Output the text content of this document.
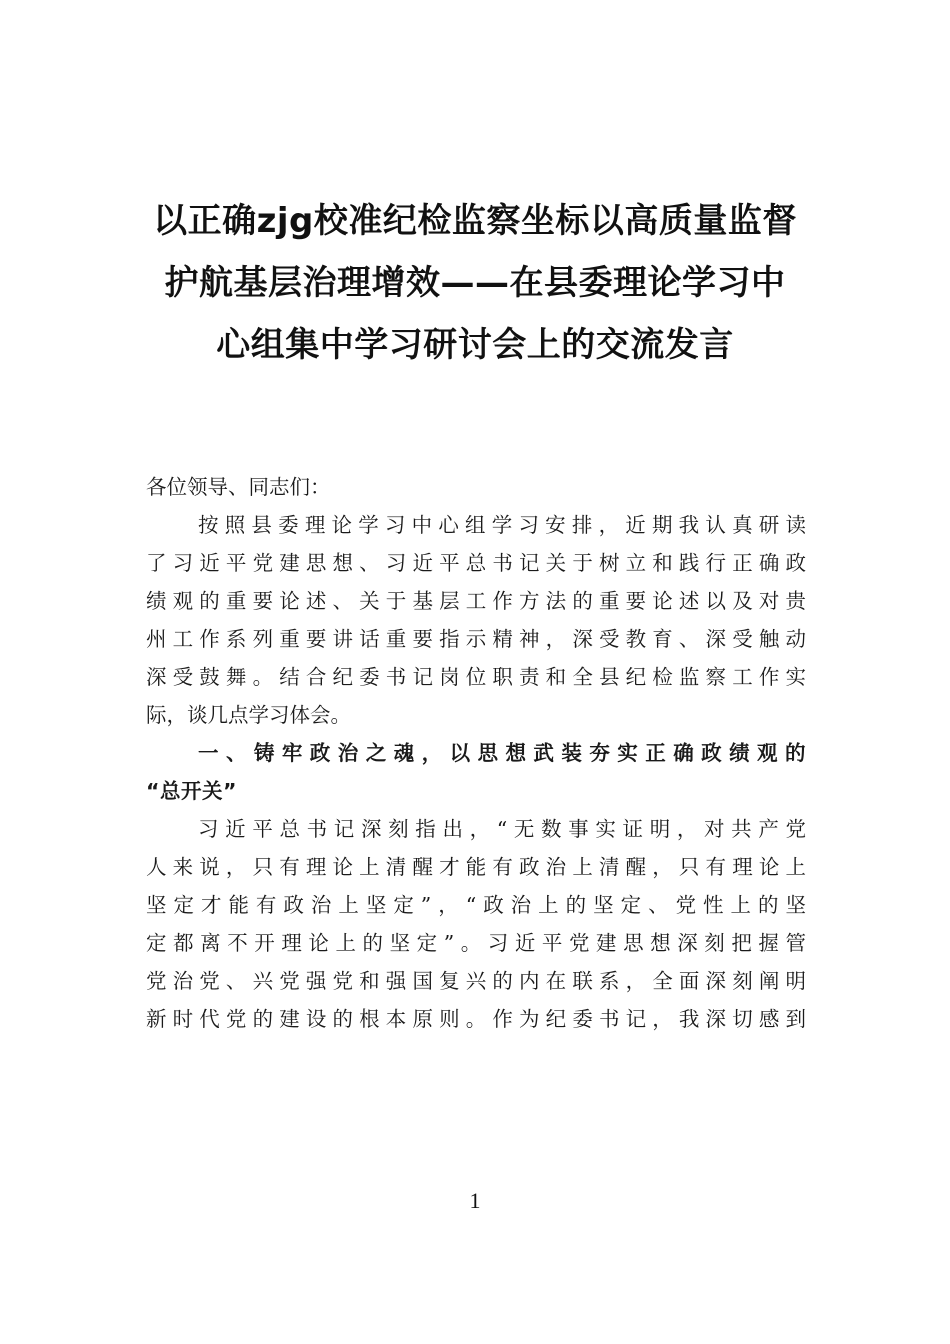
以正确zjg校准纪检监察坐标以高质量监督
护航基层治理增效——在县委理论学习中
心组集中学习研讨会上的交流发言
各位领导、同志们：
按照县委理论学习中心组学习安排，近期我认真研读
了习近平党建思想、习近平总书记关于树立和践行正确政
绩观的重要论述、关于基层工作方法的重要论述以及对贵
州工作系列重要讲话重要指示精神，深受教育、深受触动
深受鼓舞。结合纪委书记岗位职责和全县纪检监察工作实
际，谈几点学习体会。
一、铸牢政治之魂，以思想武装夯实正确政绩观的
“总开关”
习近平总书记深刻指出，“无数事实证明，对共产党
人来说，只有理论上清醒才能有政治上清醒，只有理论上
坚定才能有政治上坚定”，“政治上的坚定、党性上的坚
定都离不开理论上的坚定”。习近平党建思想深刻把握管
党治党、兴党强党和强国复兴的内在联系，全面深刻阐明
新时代党的建设的根本原则。作为纪委书记，我深切感到
1
